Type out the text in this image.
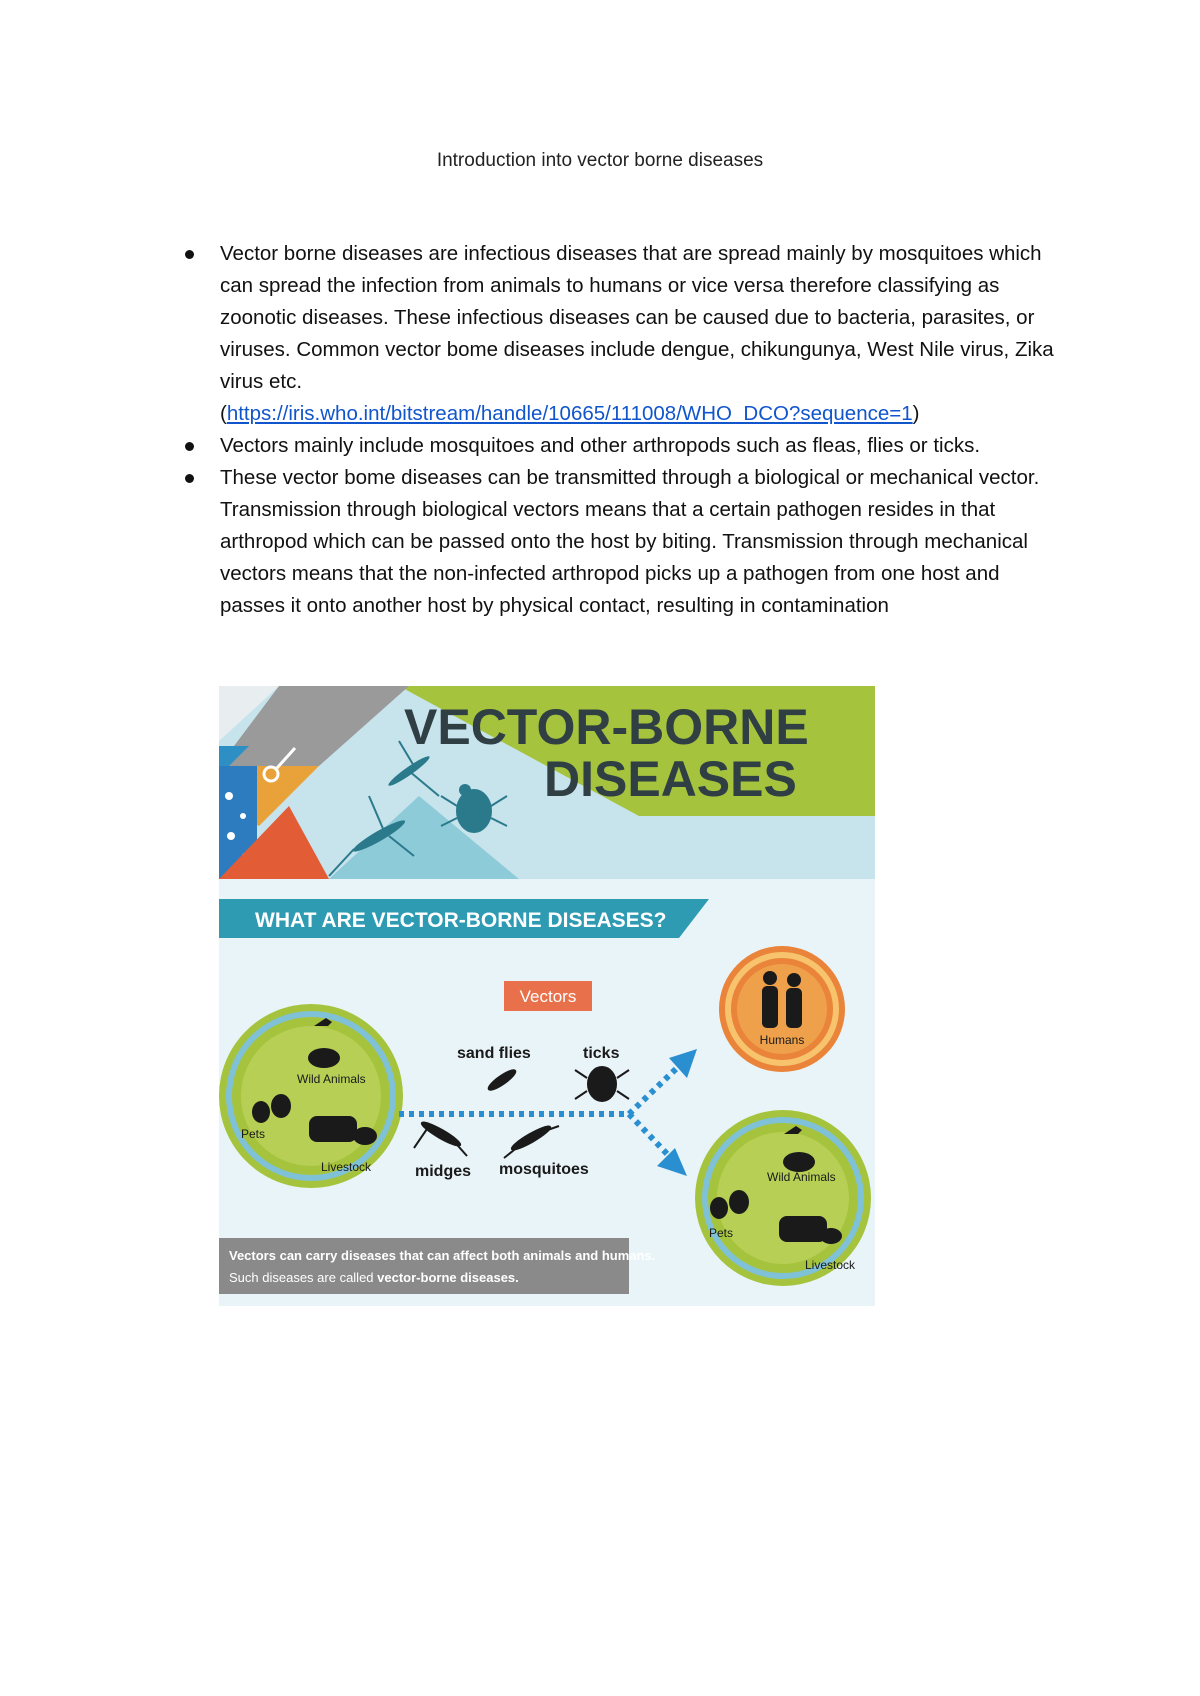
Introduction into vector borne diseases
Vector borne diseases are infectious diseases that are spread mainly by mosquitoes which can spread the infection from animals to humans or vice versa therefore classifying as zoonotic diseases. These infectious diseases can be caused due to bacteria, parasites, or viruses. Common vector bome diseases include dengue, chikungunya, West Nile virus, Zika virus etc.
(https://iris.who.int/bitstream/handle/10665/111008/WHO_DCO?sequence=1)
Vectors mainly include mosquitoes and other arthropods such as fleas, flies or ticks.
These vector bome diseases can be transmitted through a biological or mechanical vector. Transmission through biological vectors means that a certain pathogen resides in that arthropod which can be passed onto the host by biting. Transmission through mechanical vectors means that the non-infected arthropod picks up a pathogen from one host and passes it onto another host by physical contact, resulting in contamination
VECTOR-BORNE
DISEASES
WHAT ARE VECTOR-BORNE DISEASES?
Vectors
Wild Animals
Pets
Livestock
sand flies	ticks
midges mosquitoes
Humans
Wild Animals
Pets
Livestock
Vectors can carry diseases that can affect both animals and humans.
Such diseases are called vector-borne diseases.
